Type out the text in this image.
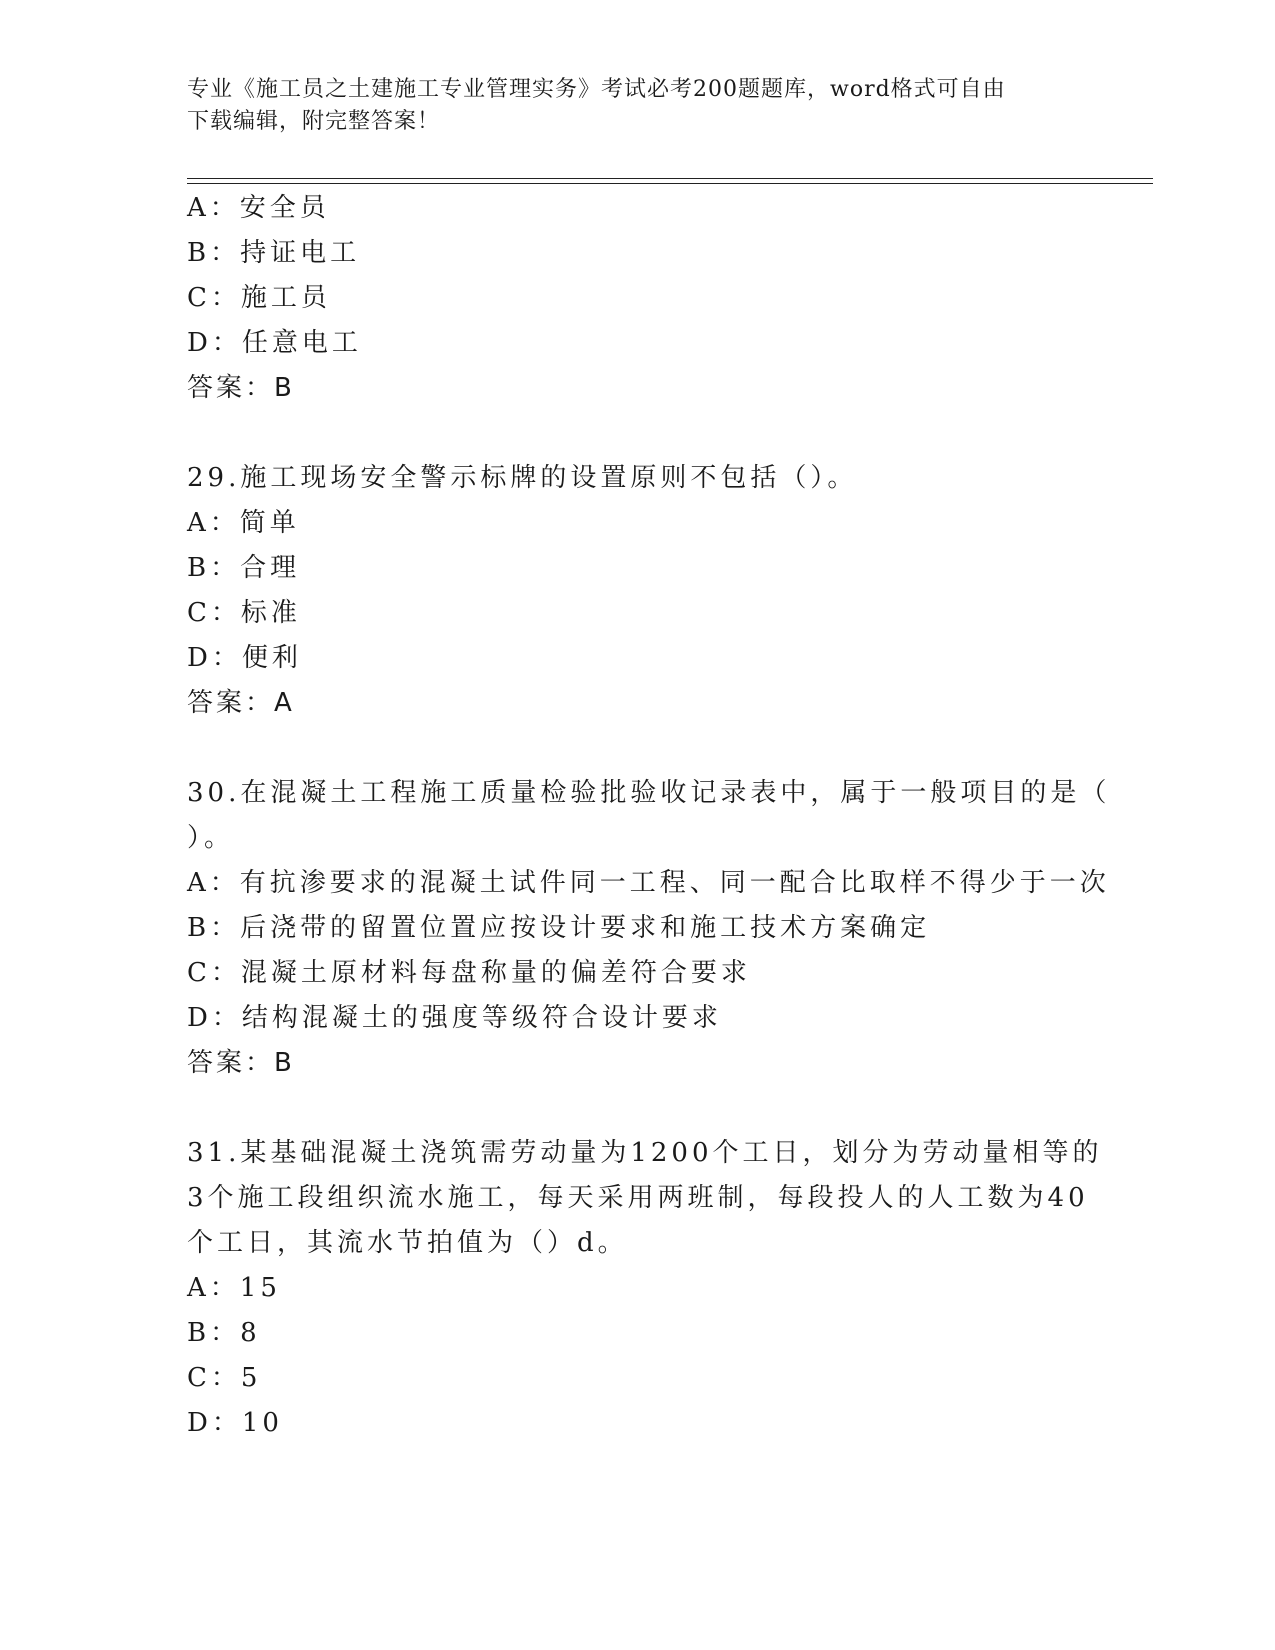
专业《施工员之土建施工专业管理实务》考试必考200题题库，word格式可自由
下载编辑，附完整答案！
A：安全员
B：持证电工
C：施工员
D：任意电工
答案：B
29.施工现场安全警示标牌的设置原则不包括（）。
A：简单
B：合理
C：标准
D：便利
答案：A
30.在混凝土工程施工质量检验批验收记录表中，属于一般项目的是（
）。
A：有抗渗要求的混凝土试件同一工程、同一配合比取样不得少于一次
B：后浇带的留置位置应按设计要求和施工技术方案确定
C：混凝土原材料每盘称量的偏差符合要求
D：结构混凝土的强度等级符合设计要求
答案：B
31.某基础混凝土浇筑需劳动量为1200个工日，划分为劳动量相等的
3个施工段组织流水施工，每天采用两班制，每段投人的人工数为40
个工日，其流水节拍值为（）d。
A：15
B：8
C：5
D：10
